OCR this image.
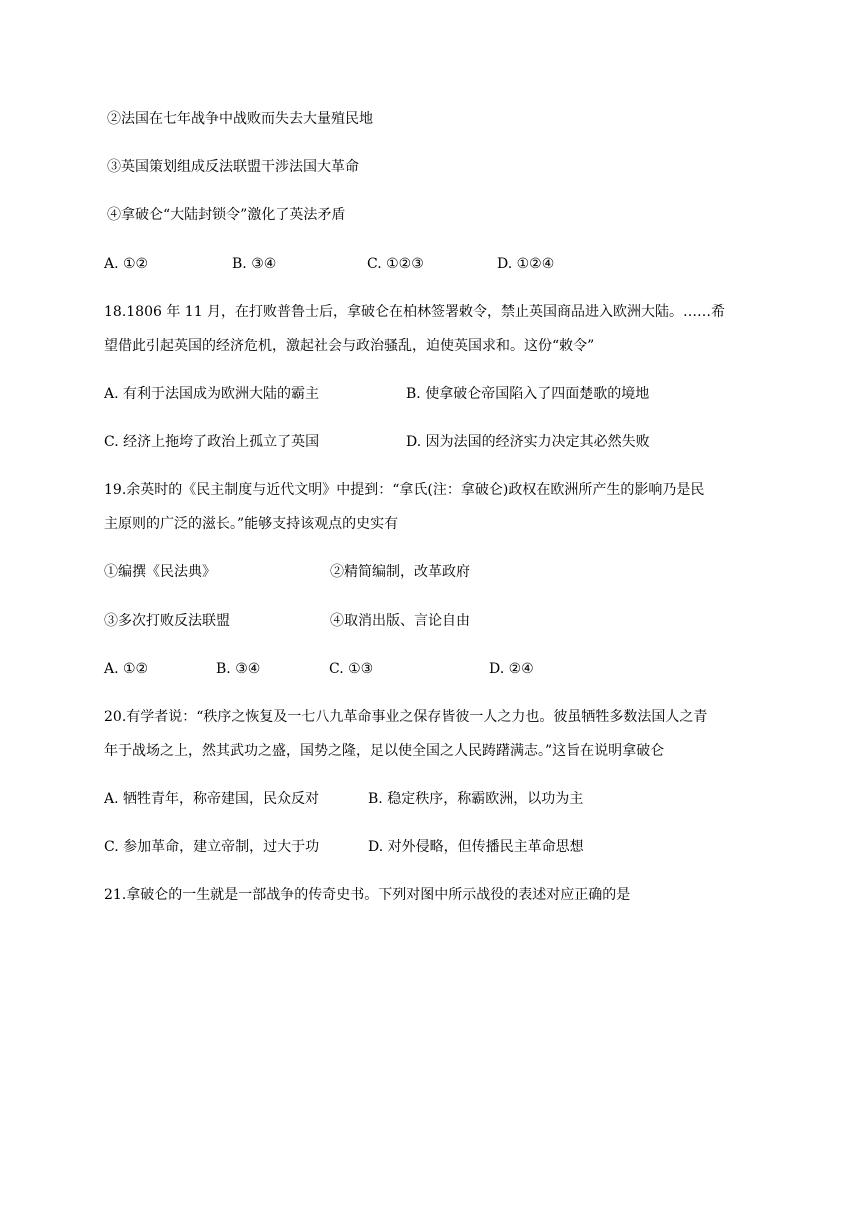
②法国在七年战争中战败而失去大量殖民地
③英国策划组成反法联盟干涉法国大革命
④拿破仑“大陆封锁令”激化了英法矛盾
A. ①②	B. ③④	C. ①②③	D. ①②④
18.1806 年 11 月，在打败普鲁士后，拿破仑在柏林签署敕令，禁止英国商品进入欧洲大陆。……希
望借此引起英国的经济危机，激起社会与政治骚乱，迫使英国求和。这份“敕令”
A. 有利于法国成为欧洲大陆的霸主	B. 使拿破仑帝国陷入了四面楚歌的境地
C. 经济上拖垮了政治上孤立了英国	D. 因为法国的经济实力决定其必然失败
19.余英时的《民主制度与近代文明》中提到：“拿氏(注：拿破仑)政权在欧洲所产生的影响乃是民
主原则的广泛的滋长。”能够支持该观点的史实有
①编撰《民法典》	②精简编制，改革政府
③多次打败反法联盟	④取消出版、言论自由
A. ①②	B. ③④	C. ①③	D. ②④
20.有学者说：“秩序之恢复及一七八九革命事业之保存皆彼一人之力也。彼虽牺牲多数法国人之青
年于战场之上，然其武功之盛，国势之隆，足以使全国之人民踌躇满志。”这旨在说明拿破仑
A. 牺牲青年，称帝建国，民众反对	B. 稳定秩序，称霸欧洲，以功为主
C. 参加革命，建立帝制，过大于功	D. 对外侵略，但传播民主革命思想
21.拿破仑的一生就是一部战争的传奇史书。下列对图中所示战役的表述对应正确的是
